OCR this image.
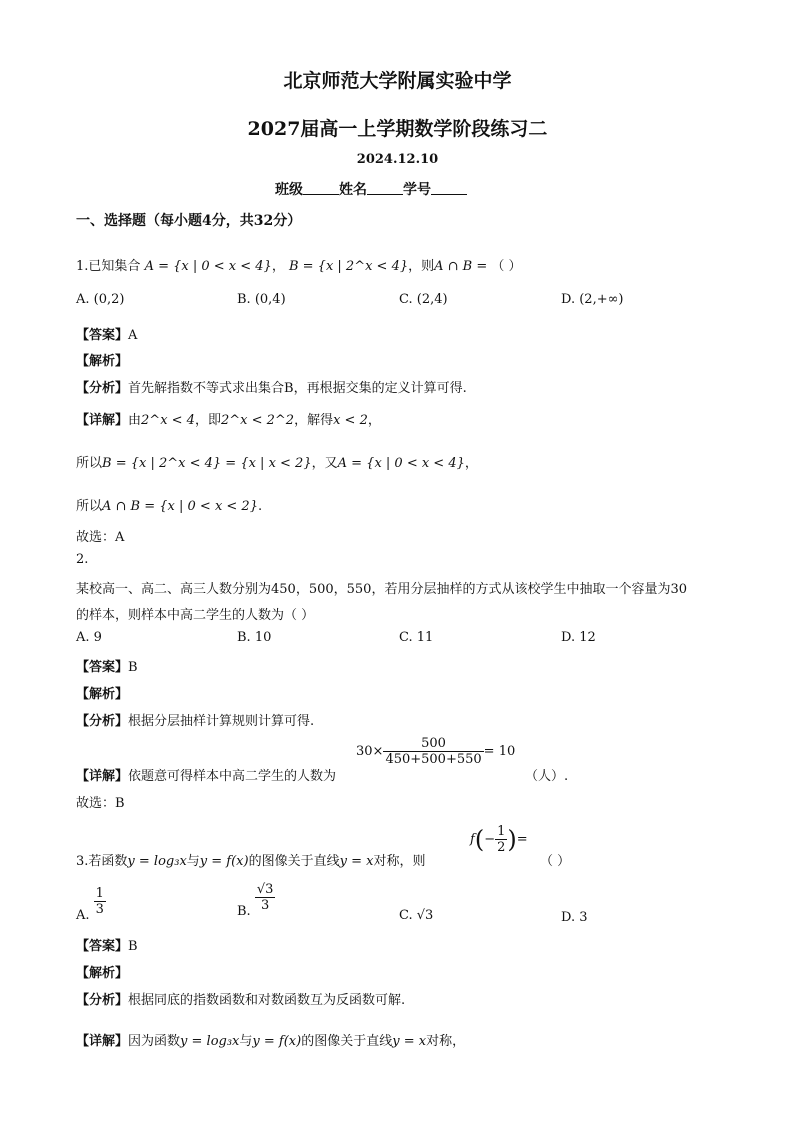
北京师范大学附属实验中学
2027届高一上学期数学阶段练习二
2024.12.10
班级	姓名	学号
一、选择题（每小题4分，共32分）
1.已知集合 A = {x | 0 < x < 4}， B = {x | 2^x < 4}，则A ∩ B = （ ）
A. (0,2)	B. (0,4)	C. (2,4)	D. (2,+∞)
【答案】A
【解析】
【分析】首先解指数不等式求出集合B，再根据交集的定义计算可得.
【详解】由2^x < 4，即2^x < 2^2，解得x < 2，
所以B = {x | 2^x < 4} = {x | x < 2}，又A = {x | 0 < x < 4}，
所以A ∩ B = {x | 0 < x < 2}.
故选：A
2.
某校高一、高二、高三人数分别为450，500，550，若用分层抽样的方式从该校学生中抽取一个容量为30
的样本，则样本中高二学生的人数为（ ）
A. 9	B. 10	C. 11	D. 12
【答案】B
【解析】
【分析】根据分层抽样计算规则计算可得.
【详解】依题意可得样本中高二学生的人数为
$30\times \frac{500}{450+500+550} = 10$
（人）.
故选：B
3.若函数y = log₃x与y = f(x)的图像关于直线y = x对称，则
$f(- \frac{1}{2}$ )=
（ ）
A. $\frac{1}{3}$	B. $\frac{√3}{3}$
C. √3	D. 3
【答案】B
【解析】
【分析】根据同底的指数函数和对数函数互为反函数可解.
【详解】因为函数y = log₃x与y = f(x)的图像关于直线y = x对称，
